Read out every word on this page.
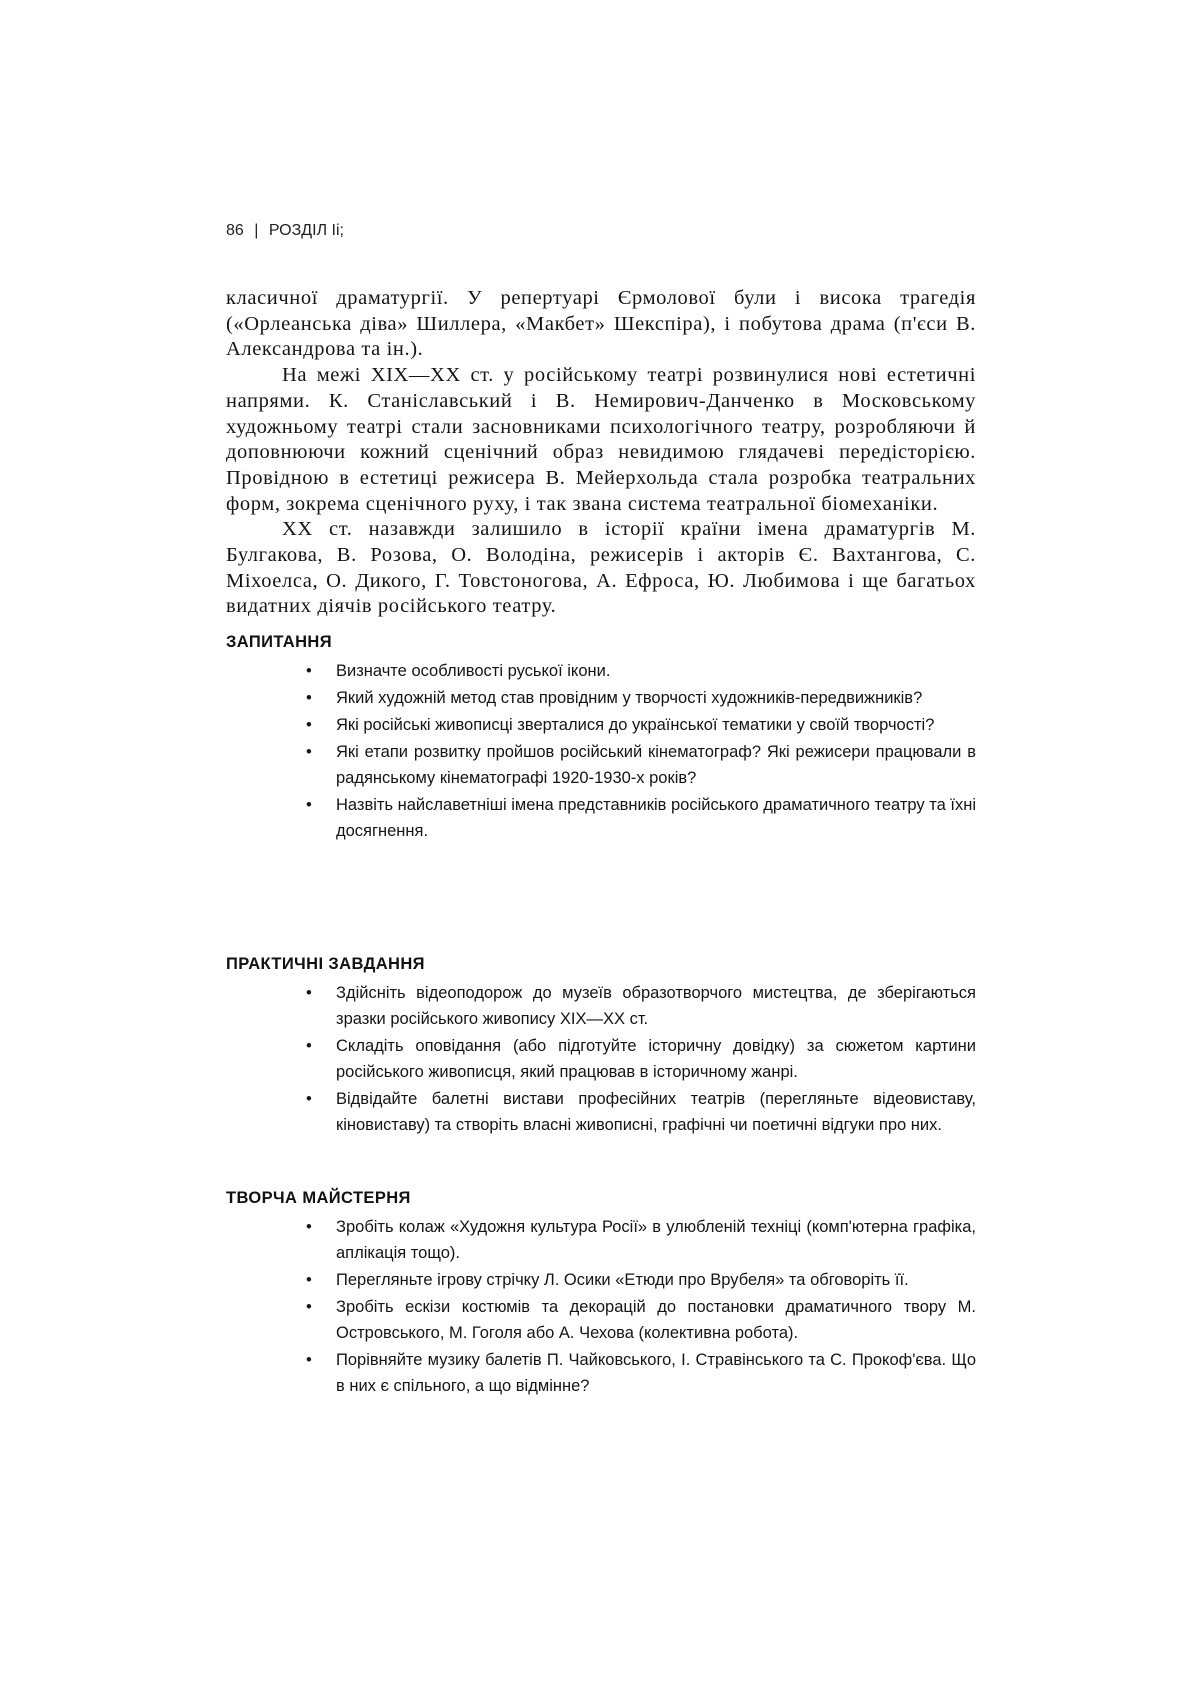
86 | РОЗДІЛ Іі;

класичної драматургії. У репертуарі Єрмолової були і висока трагедія («Орлеанська діва» Шиллера, «Макбет» Шекспіра), і побутова драма (п'єси В. Александрова та ін.).

На межі XIX—XX ст. у російському театрі розвинулися нові естетичні напрями. К. Станіславський і В. Немирович-Данченко в Московському художньому театрі стали засновниками психологічного театру, розробляючи й доповнюючи кожний сценічний образ невидимою глядачеві передісторією. Провідною в естетиці режисера В. Мейерхольда стала розробка театральних форм, зокрема сценічного руху, і так звана система театральної біомеханіки.

XX ст. назавжди залишило в історії країни імена драматургів М. Булгакова, В. Розова, О. Володіна, режисерів і акторів Є. Вахтангова, С. Міхоелса, О. Дикого, Г. Товстоногова, А. Ефроса, Ю. Любимова і ще багатьох видатних діячів російського театру.

ЗАПИТАННЯ
• Визначте особливості руської ікони.
• Який художній метод став провідним у творчості художників-передвижників?
• Які російські живописці зверталися до української тематики у своїй творчості?
• Які етапи розвитку пройшов російський кінематограф? Які режисери працювали в радянському кінематографі 1920-1930-х років?
• Назвіть найславетніші імена представників російського драматичного театру та їхні досягнення.
ПРАКТИЧНІ ЗАВДАННЯ
• Здійсніть відеоподорож до музеїв образотворчого мистецтва, де зберігаються зразки російського живопису XIX—XX ст.
• Складіть оповідання (або підготуйте історичну довідку) за сюжетом картини російського живописця, який працював в історичному жанрі.
• Відвідайте балетні вистави професійних театрів (перегляньте відеовиставу, кіновиставу) та створіть власні живописні, графічні чи поетичні відгуки про них.
ТВОРЧА МАЙСТЕРНЯ
• Зробіть колаж «Художня культура Росії» в улюбленій техніці (комп'ютерна графіка, аплікація тощо).
• Перегляньте ігрову стрічку Л. Осики «Етюди про Врубеля» та обговоріть її.
• Зробіть ескізи костюмів та декорацій до постановки драматичного твору М. Островського, М. Гоголя або А. Чехова (колективна робота).
• Порівняйте музику балетів П. Чайковського, І. Стравінського та С. Прокоф'єва. Що в них є спільного, а що відмінне?
